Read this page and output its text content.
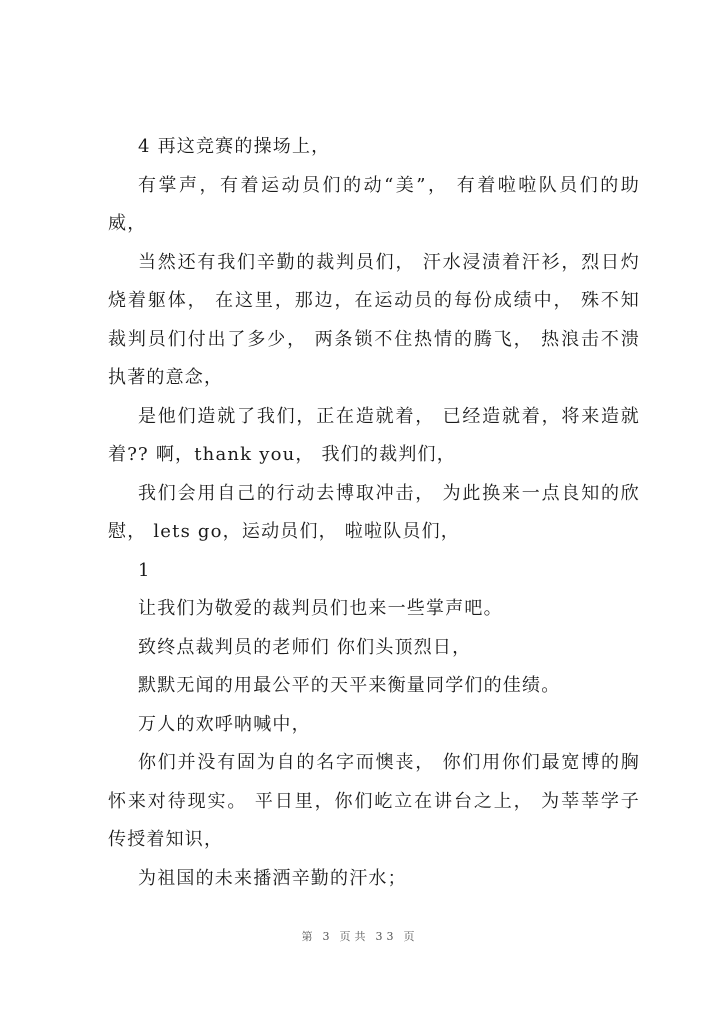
4 再这竞赛的操场上，

有掌声，有着运动员们的动“美”， 有着啦啦队员们的助威，

当然还有我们辛勤的裁判员们， 汗水浸渍着汗衫，烈日灼烧着躯体， 在这里，那边，在运动员的每份成绩中， 殊不知裁判员们付出了多少， 两条锁不住热情的腾飞， 热浪击不溃执著的意念，

是他们造就了我们，正在造就着， 已经造就着，将来造就着?? 啊，thank you， 我们的裁判们，

我们会用自己的行动去博取冲击， 为此换来一点良知的欣慰， lets go，运动员们， 啦啦队员们，

1

让我们为敬爱的裁判员们也来一些掌声吧。

致终点裁判员的老师们 你们头顶烈日，

默默无闻的用最公平的天平来衡量同学们的佳绩。

万人的欢呼呐喊中，

你们并没有固为自的名字而懊丧， 你们用你们最宽博的胸怀来对待现实。 平日里，你们屹立在讲台之上， 为莘莘学子传授着知识，

为祖国的未来播洒辛勤的汗水；

第 3 页共 33 页
